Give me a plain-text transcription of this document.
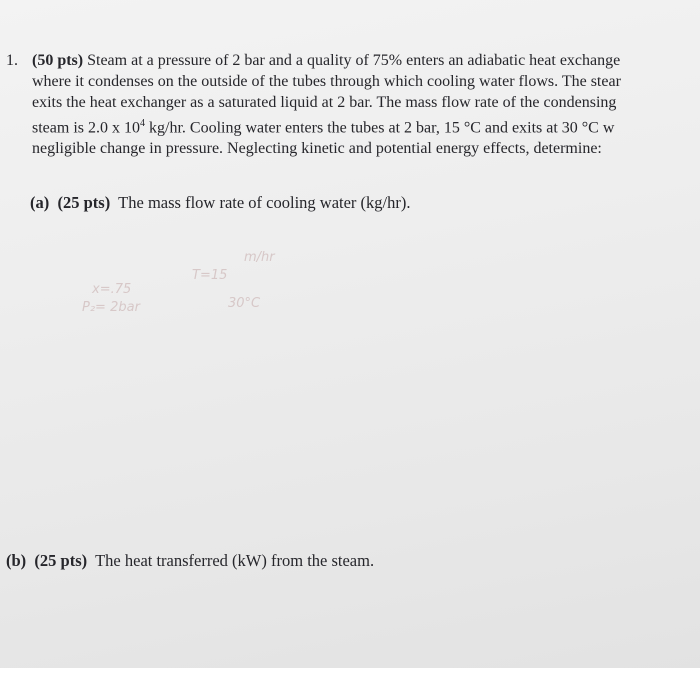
1. (50 pts) Steam at a pressure of 2 bar and a quality of 75% enters an adiabatic heat exchange
where it condenses on the outside of the tubes through which cooling water flows. The stear
exits the heat exchanger as a saturated liquid at 2 bar. The mass flow rate of the condensing
steam is 2.0 x $10^4$ kg/hr. Cooling water enters the tubes at 2 bar, 15 °C and exits at 30 °C w
negligible change in pressure. Neglecting kinetic and potential energy effects, determine:
(a) (25 pts) The mass flow rate of cooling water (kg/hr).
x=.75
P₂= 2bar
T=15
30°C
m/hr
(b) (25 pts) The heat transferred (kW) from the steam.
